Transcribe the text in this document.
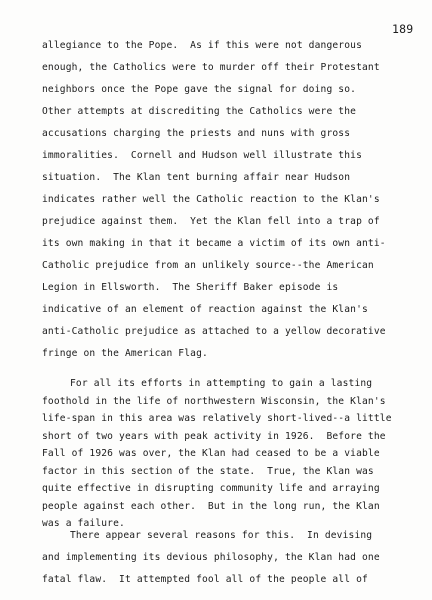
189
allegiance to the Pope.  As if this were not dangerous
enough, the Catholics were to murder off their Protestant
neighbors once the Pope gave the signal for doing so.
Other attempts at discrediting the Catholics were the
accusations charging the priests and nuns with gross
immoralities.  Cornell and Hudson well illustrate this
situation.  The Klan tent burning affair near Hudson
indicates rather well the Catholic reaction to the Klan's
prejudice against them.  Yet the Klan fell into a trap of
its own making in that it became a victim of its own anti-
Catholic prejudice from an unlikely source--the American
Legion in Ellsworth.  The Sheriff Baker episode is
indicative of an element of reaction against the Klan's
anti-Catholic prejudice as attached to a yellow decorative
fringe on the American Flag.
For all its efforts in attempting to gain a lasting
foothold in the life of northwestern Wisconsin, the Klan's
life-span in this area was relatively short-lived--a little
short of two years with peak activity in 1926.  Before the
Fall of 1926 was over, the Klan had ceased to be a viable
factor in this section of the state.  True, the Klan was
quite effective in disrupting community life and arraying
people against each other.  But in the long run, the Klan
was a failure.
There appear several reasons for this.  In devising
and implementing its devious philosophy, the Klan had one
fatal flaw.  It attempted fool all of the people all of
